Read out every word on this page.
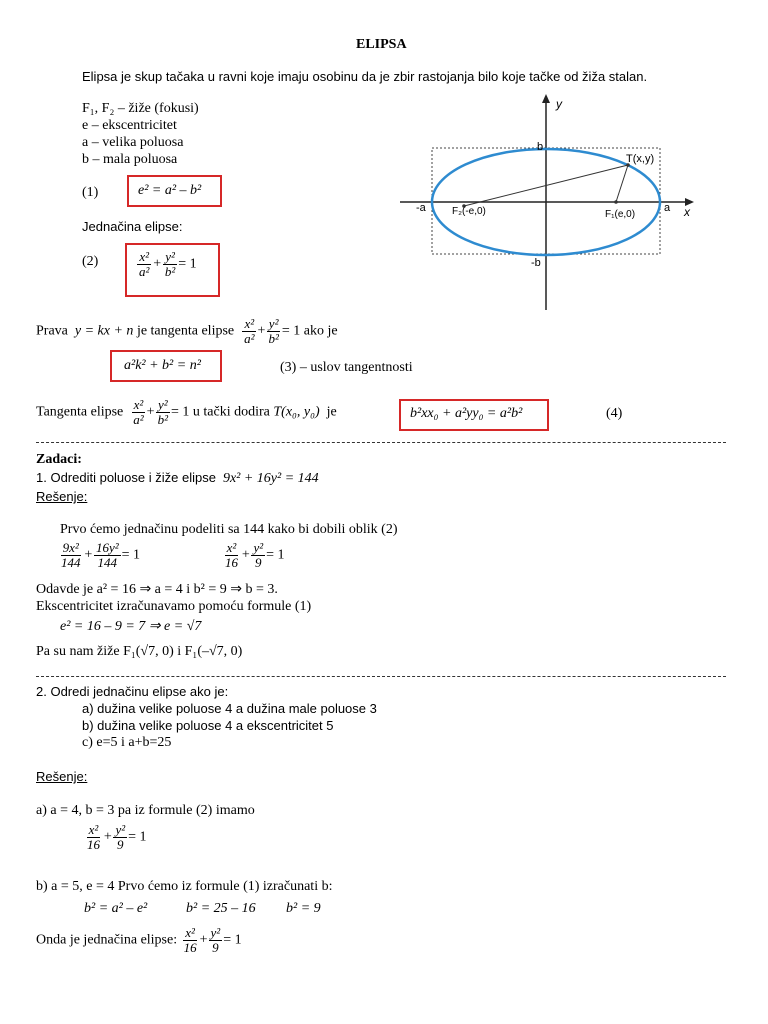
ELIPSA
Elipsa je skup tačaka u ravni koje imaju osobinu da je zbir rastojanja bilo koje tačke od žiža stalan.
F₁, F₂ – žiže (fokusi)
e – ekscentricitet
a – velika poluosa
b – mala poluosa
(1)	e² = a² – b²
Jednačina elipse:
(2)	$\frac{\text{x²}}{\text{a²}} + \frac{\text{y²}}{\text{b²}} = 1$
y
x
b
-b
-a	a
T(x,y)
F₂(-e,0)	F₁(e,0)
Prava y = kx + n je tangenta elipse $\frac{\text{x²}}{\text{a²}} + \frac{\text{y²}}{\text{b²}} = 1$ ako je
a²k² + b² = n²	(3) – uslov tangentnosti
Tangenta elipse $\frac{\text{x²}}{\text{a²}} + \frac{\text{y²}}{\text{b²}} = 1$ u tački dodira T(x₀, y₀) je	b²xx₀ + a²yy₀ = a²b²	(4)
Zadaci:
1. Odrediti poluose i žiže elipse 9x² + 16y² = 144
Rešenje:
Prvo ćemo jednačinu podeliti sa 144 kako bi dobili oblik (2)
$\frac{\text{9x²}}{144} + \frac{\text{16y²}}{144} = 1$	$\frac{\text{x²}}{16} + \frac{\text{y²}}{9} = 1$
Odavde je a² = 16 ⇒ a = 4 i b² = 9 ⇒ b = 3.
Ekscentricitet izračunavamo pomoću formule (1)
e² = 16 – 9 = 7 ⇒ e = √7
Pa su nam žiže F₁(√7, 0) i F₁(–√7, 0)
2. Odredi jednačinu elipse ako je:
a) dužina velike poluose 4 a dužina male poluose 3
b) dužina velike poluose 4 a ekscentricitet 5
c) e=5 i a+b=25
Rešenje:
a) a = 4, b = 3 pa iz formule (2) imamo
$\frac{\text{x²}}{16} + \frac{\text{y²}}{9} = 1$
b) a = 5, e = 4 Prvo ćemo iz formule (1) izračunati b:
b² = a² – e²	b² = 25 – 16 b² = 9
Onda je jednačina elipse: $\frac{\text{x²}}{16} + \frac{\text{y²}}{9} = 1$
